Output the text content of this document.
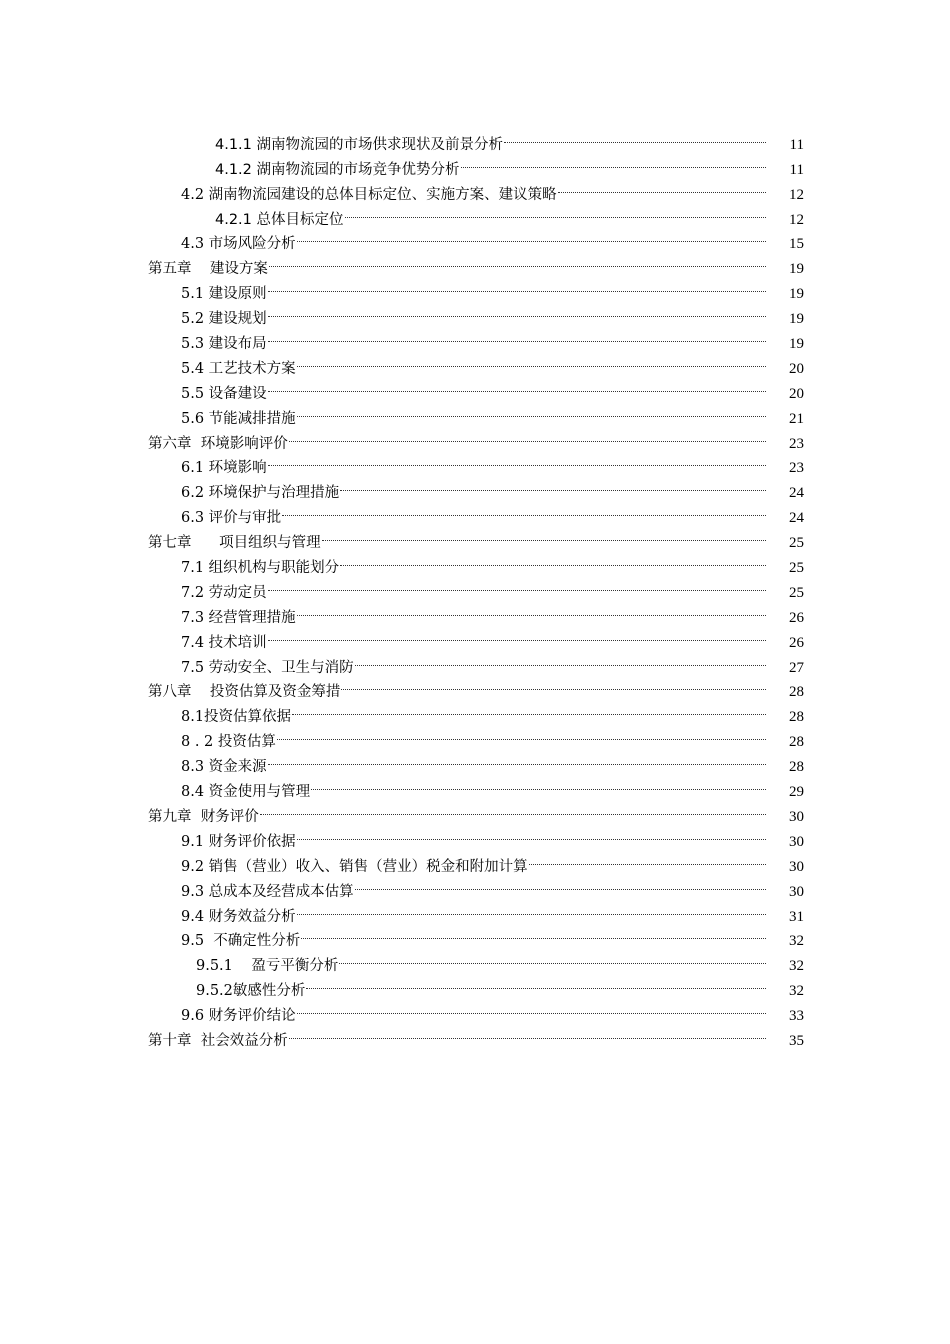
4.1.1 湖南物流园的市场供求现状及前景分析	11
4.1.2 湖南物流园的市场竞争优势分析	11
4.2 湖南物流园建设的总体目标定位、实施方案、建议策略	12
4.2.1 总体目标定位	12
4.3 市场风险分析	15
第五章    建设方案	19
5.1 建设原则	19
5.2 建设规划	19
5.3 建设布局	19
5.4 工艺技术方案	20
5.5 设备建设	20
5.6 节能减排措施	21
第六章  环境影响评价	23
6.1 环境影响	23
6.2 环境保护与治理措施	24
6.3 评价与审批	24
第七章      项目组织与管理	25
7.1 组织机构与职能划分	25
7.2 劳动定员	25
7.3 经营管理措施	26
7.4 技术培训	26
7.5 劳动安全、卫生与消防	27
第八章    投资估算及资金筹措	28
8.1投资估算依据	28
8 . 2 投资估算	28
8.3 资金来源	28
8.4 资金使用与管理	29
第九章  财务评价	30
9.1 财务评价依据	30
9.2 销售（营业）收入、销售（营业）税金和附加计算	30
9.3 总成本及经营成本估算	30
9.4 财务效益分析	31
9.5  不确定性分析	32
9.5.1    盈亏平衡分析	32
9.5.2敏感性分析	32
9.6 财务评价结论	33
第十章  社会效益分析	35
